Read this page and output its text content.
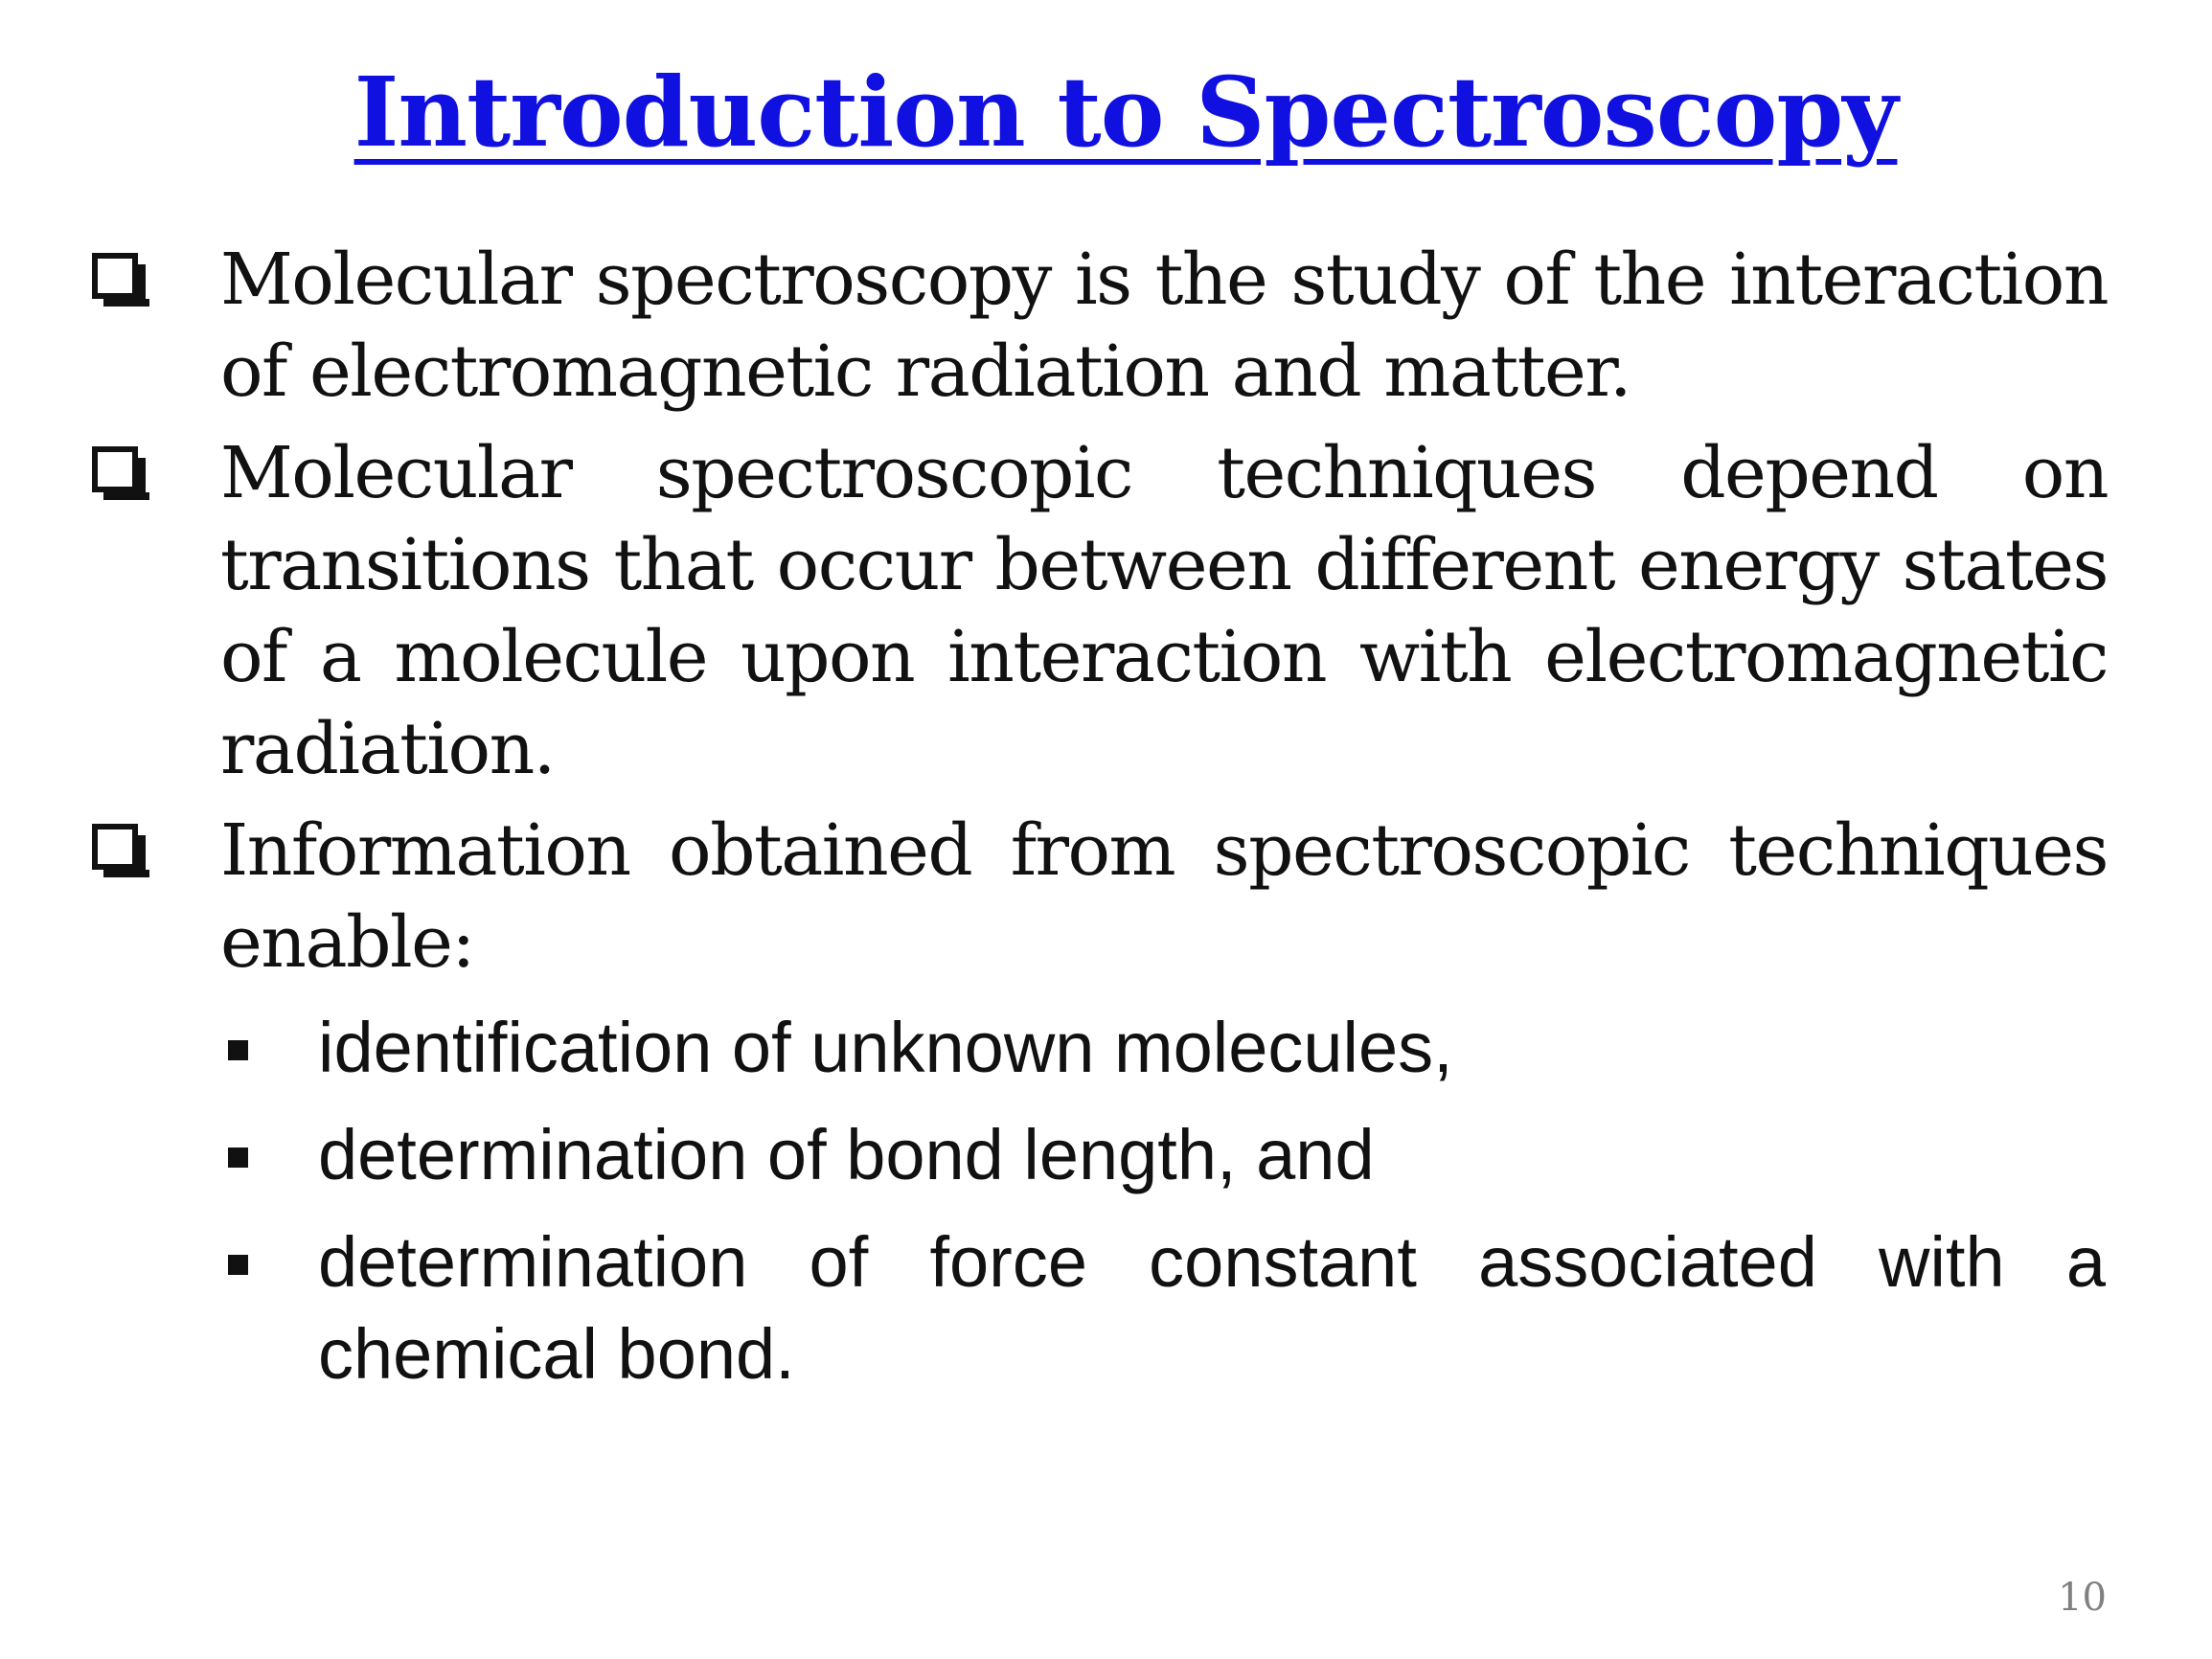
Introduction to Spectroscopy

Molecular spectroscopy is the study of the interaction of electromagnetic radiation and matter.

Molecular spectroscopic techniques depend on transitions that occur between different energy states of a molecule upon interaction with electromagnetic radiation.

Information obtained from spectroscopic techniques enable:

identification of unknown molecules,

determination of bond length, and

determination of force constant associated with a chemical bond.

10
